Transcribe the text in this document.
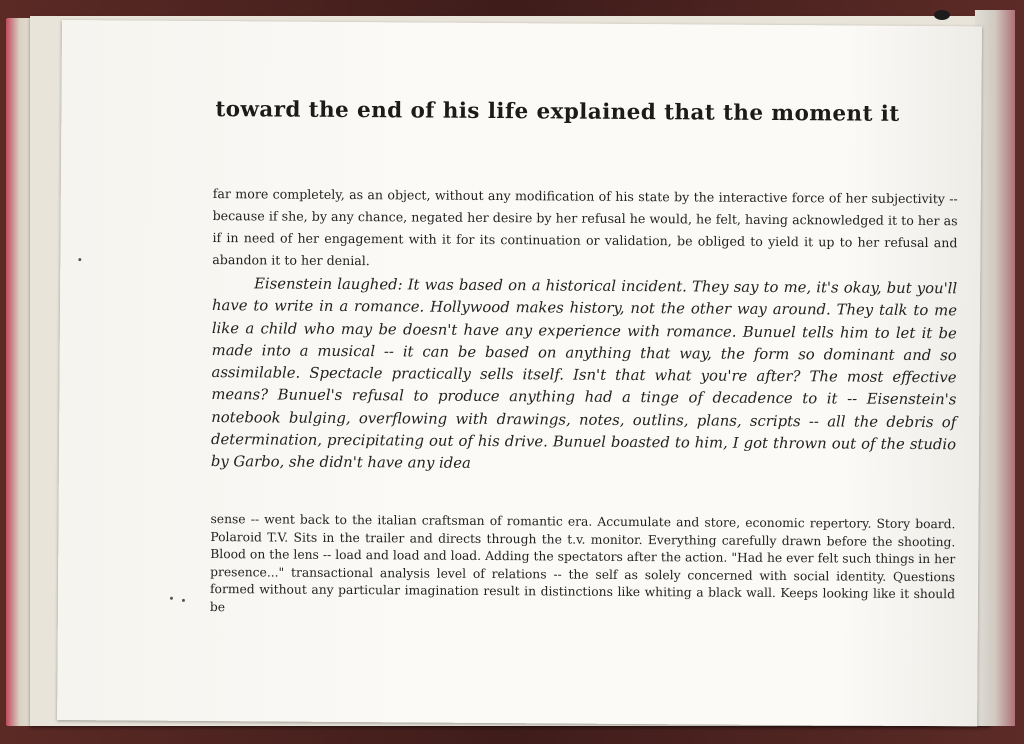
toward the end of his life explained that the moment it

far more completely, as an object, without any modification of his state by the interactive force of her subjectivity -- because if she, by any chance, negated her desire by her refusal he would, he felt, having acknowledged it to her as if in need of her engagement with it for its continuation or validation, be obliged to yield it up to her refusal and abandon it to her denial.

Eisenstein laughed: It was based on a historical incident. They say to me, it's okay, but you'll have to write in a romance. Hollywood makes history, not the other way around. They talk to me like a child who may be doesn't have any experience with romance. Bunuel tells him to let it be made into a musical -- it can be based on anything that way, the form so dominant and so assimilable. Spectacle practically sells itself. Isn't that what you're after? The most effective means? Bunuel's refusal to produce anything had a tinge of decadence to it -- Eisenstein's notebook bulging, overflowing with drawings, notes, outlins, plans, scripts -- all the debris of determination, precipitating out of his drive. Bunuel boasted to him, I got thrown out of the studio by Garbo, she didn't have any idea

sense -- went back to the italian craftsman of romantic era. Accumulate and store, economic repertory. Story board. Polaroid T.V. Sits in the trailer and directs through the t.v. monitor. Everything carefully drawn before the shooting. Blood on the lens -- load and load and load. Adding the spectators after the action. "Had he ever felt such things in her presence..." transactional analysis level of relations -- the self as solely concerned with social identity. Questions formed without any particular imagination result in distinctions like whiting a black wall. Keeps looking like it should be
